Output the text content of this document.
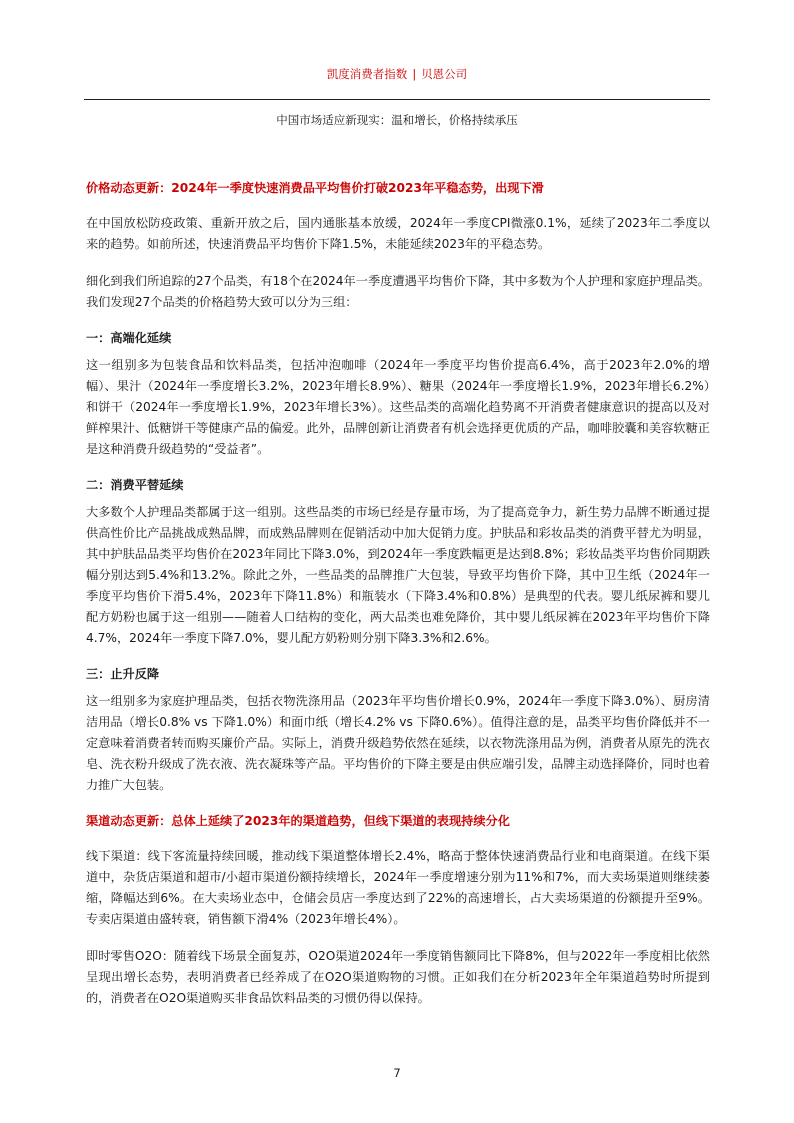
凯度消费者指数 | 贝恩公司
中国市场适应新现实：温和增长，价格持续承压
价格动态更新：2024年一季度快速消费品平均售价打破2023年平稳态势，出现下滑

在中国放松防疫政策、重新开放之后，国内通胀基本放缓，2024年一季度CPI微涨0.1%，延续了2023年二季度以来的趋势。如前所述，快速消费品平均售价下降1.5%，未能延续2023年的平稳态势。

细化到我们所追踪的27个品类，有18个在2024年一季度遭遇平均售价下降，其中多数为个人护理和家庭护理品类。我们发现27个品类的价格趋势大致可以分为三组：

一：高端化延续

这一组别多为包装食品和饮料品类，包括冲泡咖啡（2024年一季度平均售价提高6.4%，高于2023年2.0%的增幅）、果汁（2024年一季度增长3.2%，2023年增长8.9%）、糖果（2024年一季度增长1.9%，2023年增长6.2%）和饼干（2024年一季度增长1.9%，2023年增长3%）。这些品类的高端化趋势离不开消费者健康意识的提高以及对鲜榨果汁、低糖饼干等健康产品的偏爱。此外，品牌创新让消费者有机会选择更优质的产品，咖啡胶囊和美容软糖正是这种消费升级趋势的“受益者”。

二：消费平替延续

大多数个人护理品类都属于这一组别。这些品类的市场已经是存量市场，为了提高竞争力，新生势力品牌不断通过提供高性价比产品挑战成熟品牌，而成熟品牌则在促销活动中加大促销力度。护肤品和彩妆品类的消费平替尤为明显，其中护肤品品类平均售价在2023年同比下降3.0%，到2024年一季度跌幅更是达到8.8%；彩妆品类平均售价同期跌幅分别达到5.4%和13.2%。除此之外，一些品类的品牌推广大包装，导致平均售价下降，其中卫生纸（2024年一季度平均售价下滑5.4%，2023年下降11.8%）和瓶装水（下降3.4%和0.8%）是典型的代表。婴儿纸尿裤和婴儿配方奶粉也属于这一组别——随着人口结构的变化，两大品类也难免降价，其中婴儿纸尿裤在2023年平均售价下降4.7%，2024年一季度下降7.0%，婴儿配方奶粉则分别下降3.3%和2.6%。

三：止升反降

这一组别多为家庭护理品类，包括衣物洗涤用品（2023年平均售价增长0.9%，2024年一季度下降3.0%）、厨房清洁用品（增长0.8% vs 下降1.0%）和面巾纸（增长4.2% vs 下降0.6%）。值得注意的是，品类平均售价降低并不一定意味着消费者转而购买廉价产品。实际上，消费升级趋势依然在延续，以衣物洗涤用品为例，消费者从原先的洗衣皂、洗衣粉升级成了洗衣液、洗衣凝珠等产品。平均售价的下降主要是由供应端引发，品牌主动选择降价，同时也着力推广大包装。

渠道动态更新：总体上延续了2023年的渠道趋势，但线下渠道的表现持续分化

线下渠道：线下客流量持续回暖，推动线下渠道整体增长2.4%，略高于整体快速消费品行业和电商渠道。在线下渠道中，杂货店渠道和超市/小超市渠道份额持续增长，2024年一季度增速分别为11%和7%，而大卖场渠道则继续萎缩，降幅达到6%。在大卖场业态中，仓储会员店一季度达到了22%的高速增长，占大卖场渠道的份额提升至9%。专卖店渠道由盛转衰，销售额下滑4%（2023年增长4%）。

即时零售O2O：随着线下场景全面复苏，O2O渠道2024年一季度销售额同比下降8%，但与2022年一季度相比依然呈现出增长态势，表明消费者已经养成了在O2O渠道购物的习惯。正如我们在分析2023年全年渠道趋势时所提到的，消费者在O2O渠道购买非食品饮料品类的习惯仍得以保持。

7
